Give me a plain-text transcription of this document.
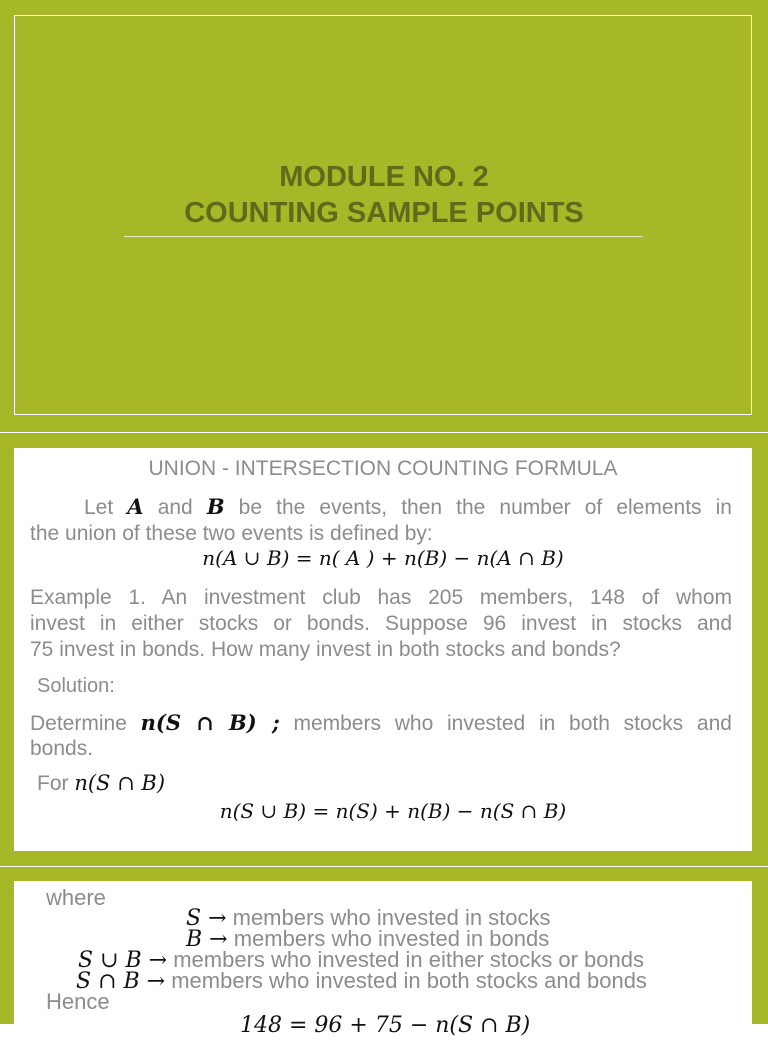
MODULE NO. 2
COUNTING SAMPLE POINTS
UNION - INTERSECTION COUNTING FORMULA
Let A and B be the events, then the number of elements in
the union of these two events is defined by:
n(A ∪ B) = n( A ) + n(B) − n(A ∩ B)
Example 1. An investment club has 205 members, 148 of whom
invest in either stocks or bonds. Suppose 96 invest in stocks and
75 invest in bonds. How many invest in both stocks and bonds?
Solution:
Determine n(S ∩ B) ; members who invested in both stocks and
bonds.
For n(S ∩ B)
n(S ∪ B) = n(S) + n(B) − n(S ∩ B)
where
S → members who invested in stocks
B → members who invested in bonds
S ∪ B → members who invested in either stocks or bonds
S ∩ B → members who invested in both stocks and bonds
Hence
148 = 96 + 75 − n(S ∩ B)
